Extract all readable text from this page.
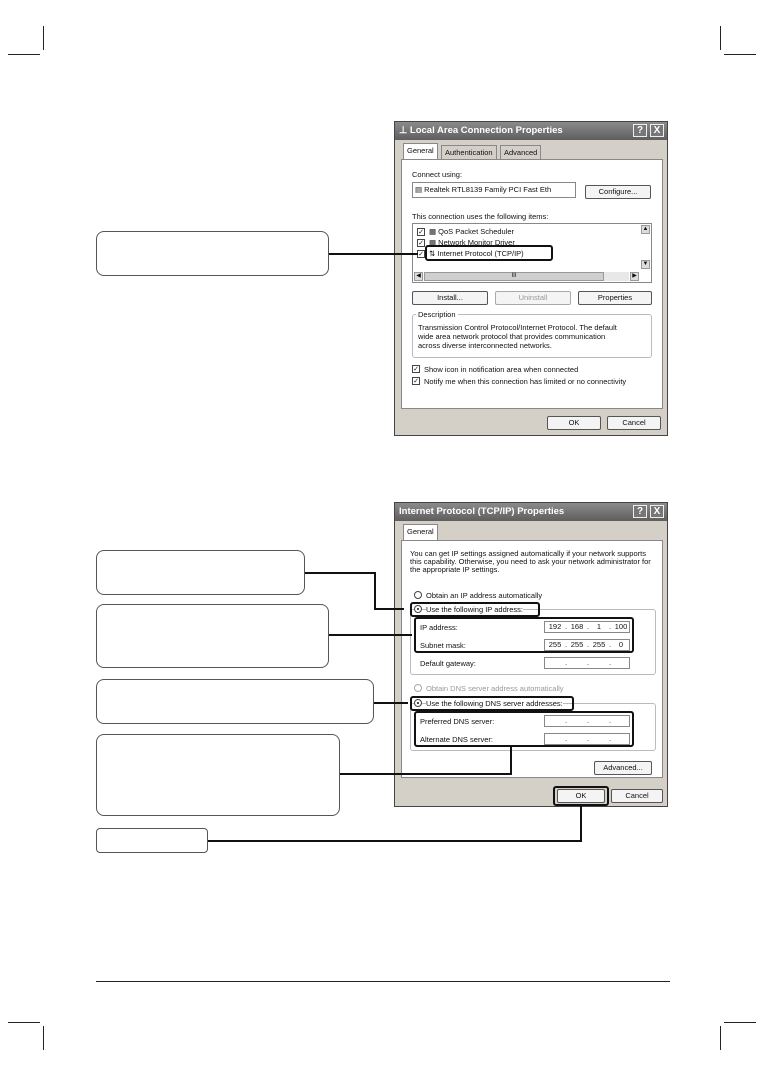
⊥ Local Area Connection Properties	?	X
General	Authentication	Advanced
Connect using:
▤ Realtek RTL8139 Family PCI Fast Eth	Configure...
This connection uses the following items:
✓ ▦ QoS Packet Scheduler
✓ ▦ Network Monitor Driver
✓ ⇅ Internet Protocol (TCP/IP)
▲
▼
◀	▶
III
Install...	Uninstall	Properties
Description
Transmission Control Protocol/Internet Protocol. The default
wide area network protocol that provides communication
across diverse interconnected networks.
✓ Show icon in notification area when connected
✓ Notify me when this connection has limited or no connectivity
OK	Cancel
Internet Protocol (TCP/IP) Properties	?	X
General
You can get IP settings assigned automatically if your network supports
this capability. Otherwise, you need to ask your network administrator for
the appropriate IP settings.
Obtain an IP address automatically
Use the following IP address:
IP address:	192 . 168 .	1	. 100
Subnet mask:	255 . 255 . 255 .	0
Default gateway:	.	.	.
Obtain DNS server address automatically
Use the following DNS server addresses:
Preferred DNS server:	.	.	.
Alternate DNS server:	.	.	.
Advanced...
OK	Cancel
